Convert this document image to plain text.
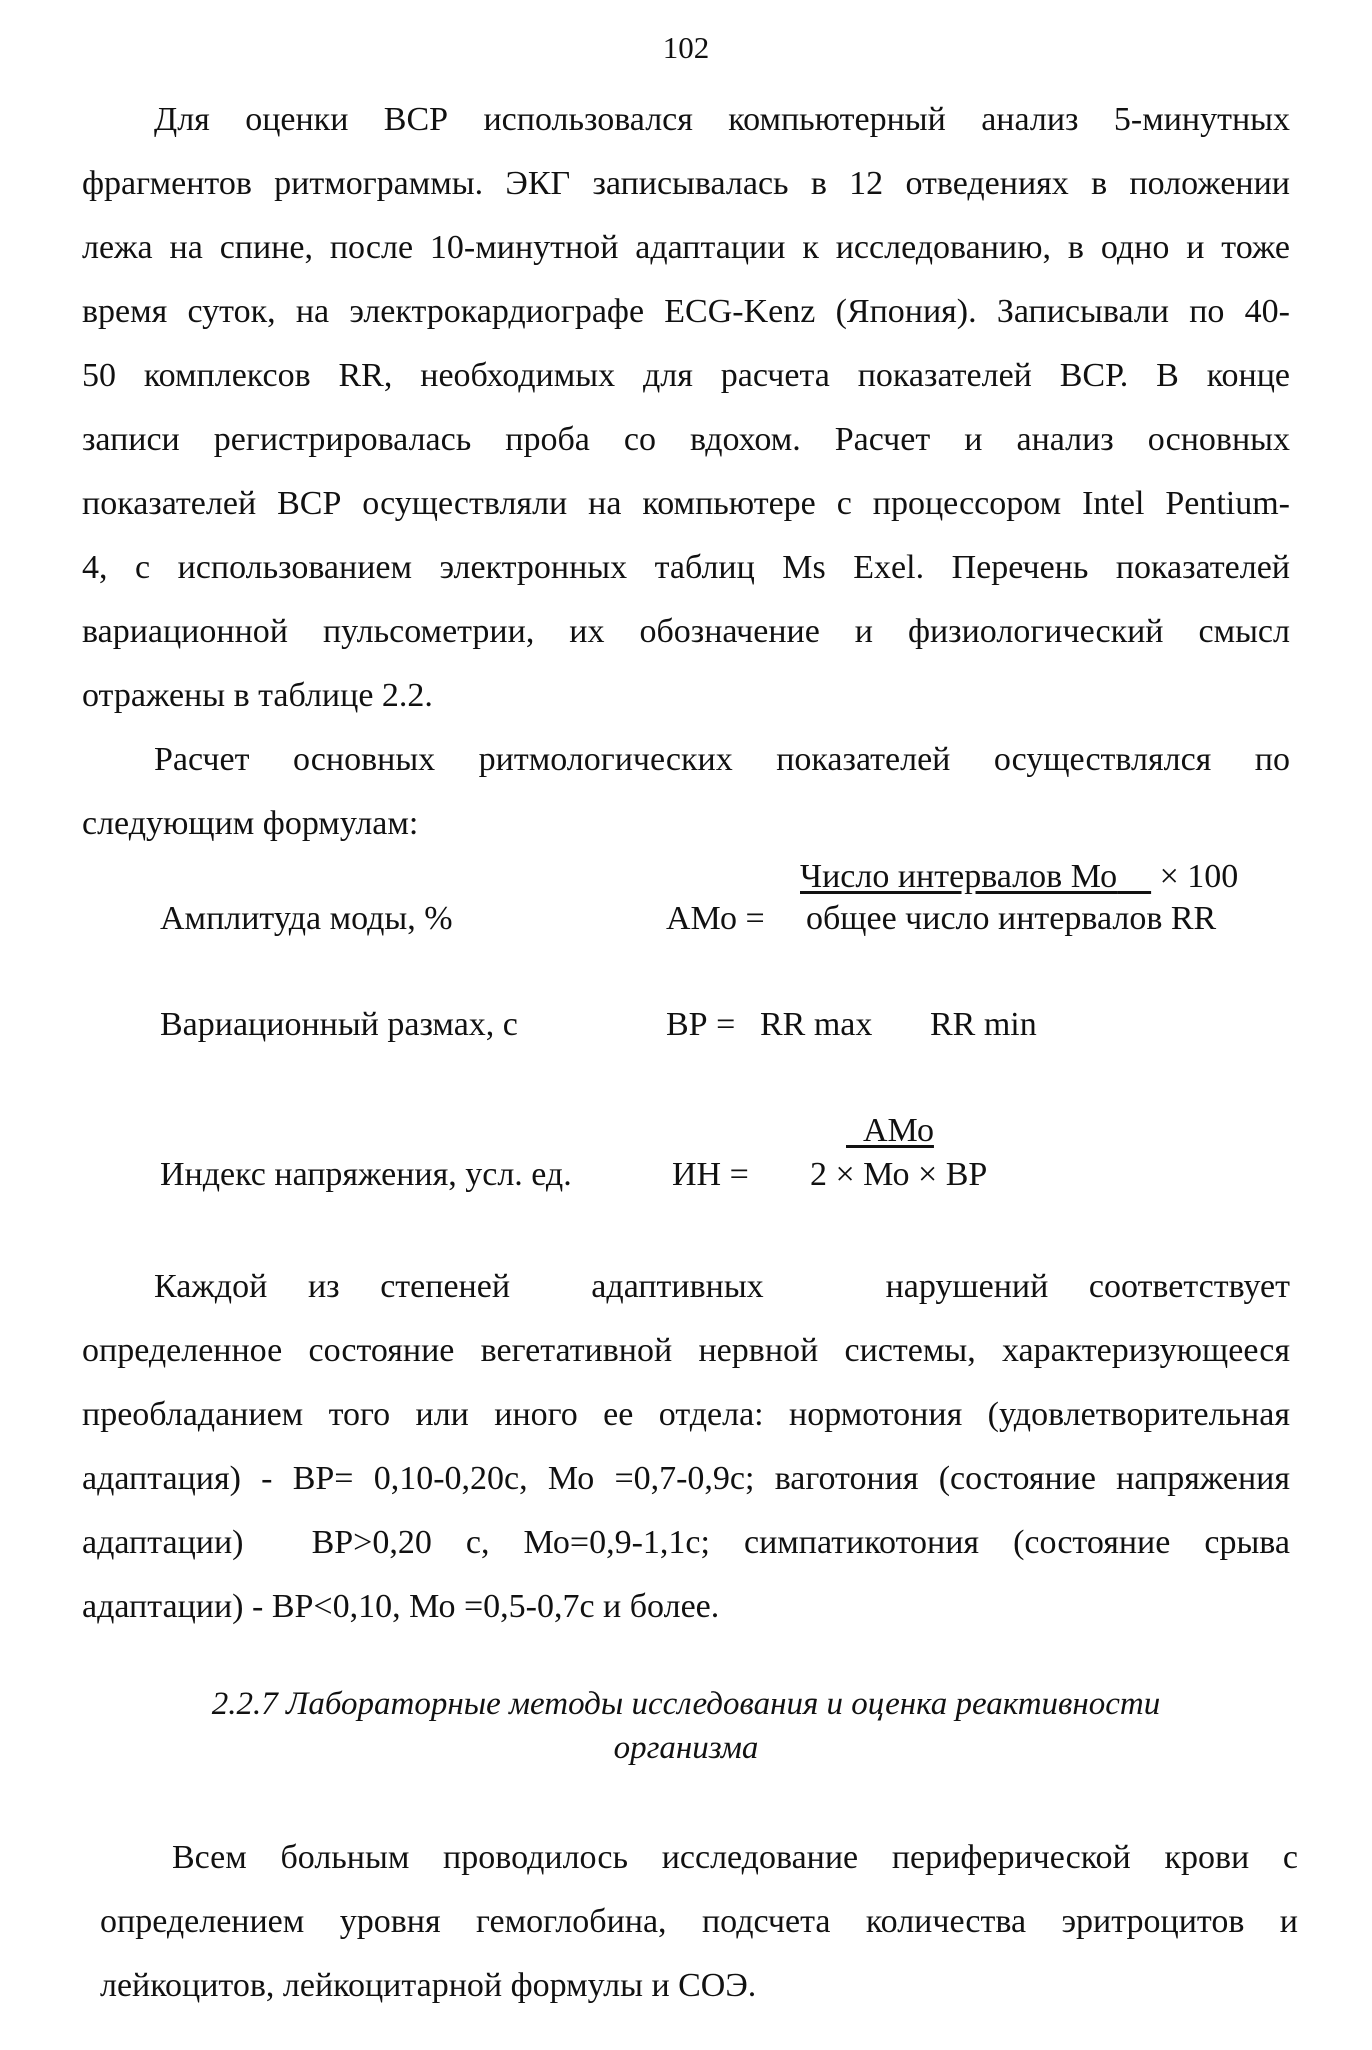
102
Для оценки ВСР использовался компьютерный анализ 5-минутных
фрагментов ритмограммы. ЭКГ записывалась в 12 отведениях в положении
лежа на спине, после 10-минутной адаптации к исследованию, в одно и тоже
время суток, на электрокардиографе ECG-Kenz (Япония). Записывали по 40-
50 комплексов RR, необходимых для расчета показателей ВСР. В конце
записи регистрировалась проба со вдохом. Расчет и анализ основных
показателей ВСР осуществляли на компьютере с процессором Intel Pentium-
4, с использованием электронных таблиц Ms Exel. Перечень показателей
вариационной пульсометрии, их обозначение и физиологический смысл
отражены в таблице 2.2.
Расчет основных ритмологических показателей осуществлялся по
следующим формулам:
Число интервалов Мо × 100
Амплитуда моды, %	АМо = общее число интервалов RR
Вариационный размах, с	ВР = RR max RR min
АМо
Индекс напряжения, усл. ед.	ИН = 2 × Мо × ВР
Каждой  из  степеней    адаптивных      нарушений  соответствует
определенное состояние вегетативной нервной системы, характеризующееся
преобладанием того или иного ее отдела: нормотония (удовлетворительная
адаптация) - ВР= 0,10-0,20с, Мо =0,7-0,9с; ваготония (состояние напряжения
адаптации)    ВР>0,20  с,  Мо=0,9-1,1с;  симпатикотония  (состояние  срыва
адаптации) - ВР<0,10, Мо =0,5-0,7с и более.
2.2.7 Лабораторные методы исследования и оценка реактивности
организма
Всем больным проводилось исследование периферической крови с
определением уровня гемоглобина, подсчета количества эритроцитов и
лейкоцитов, лейкоцитарной формулы и СОЭ.
